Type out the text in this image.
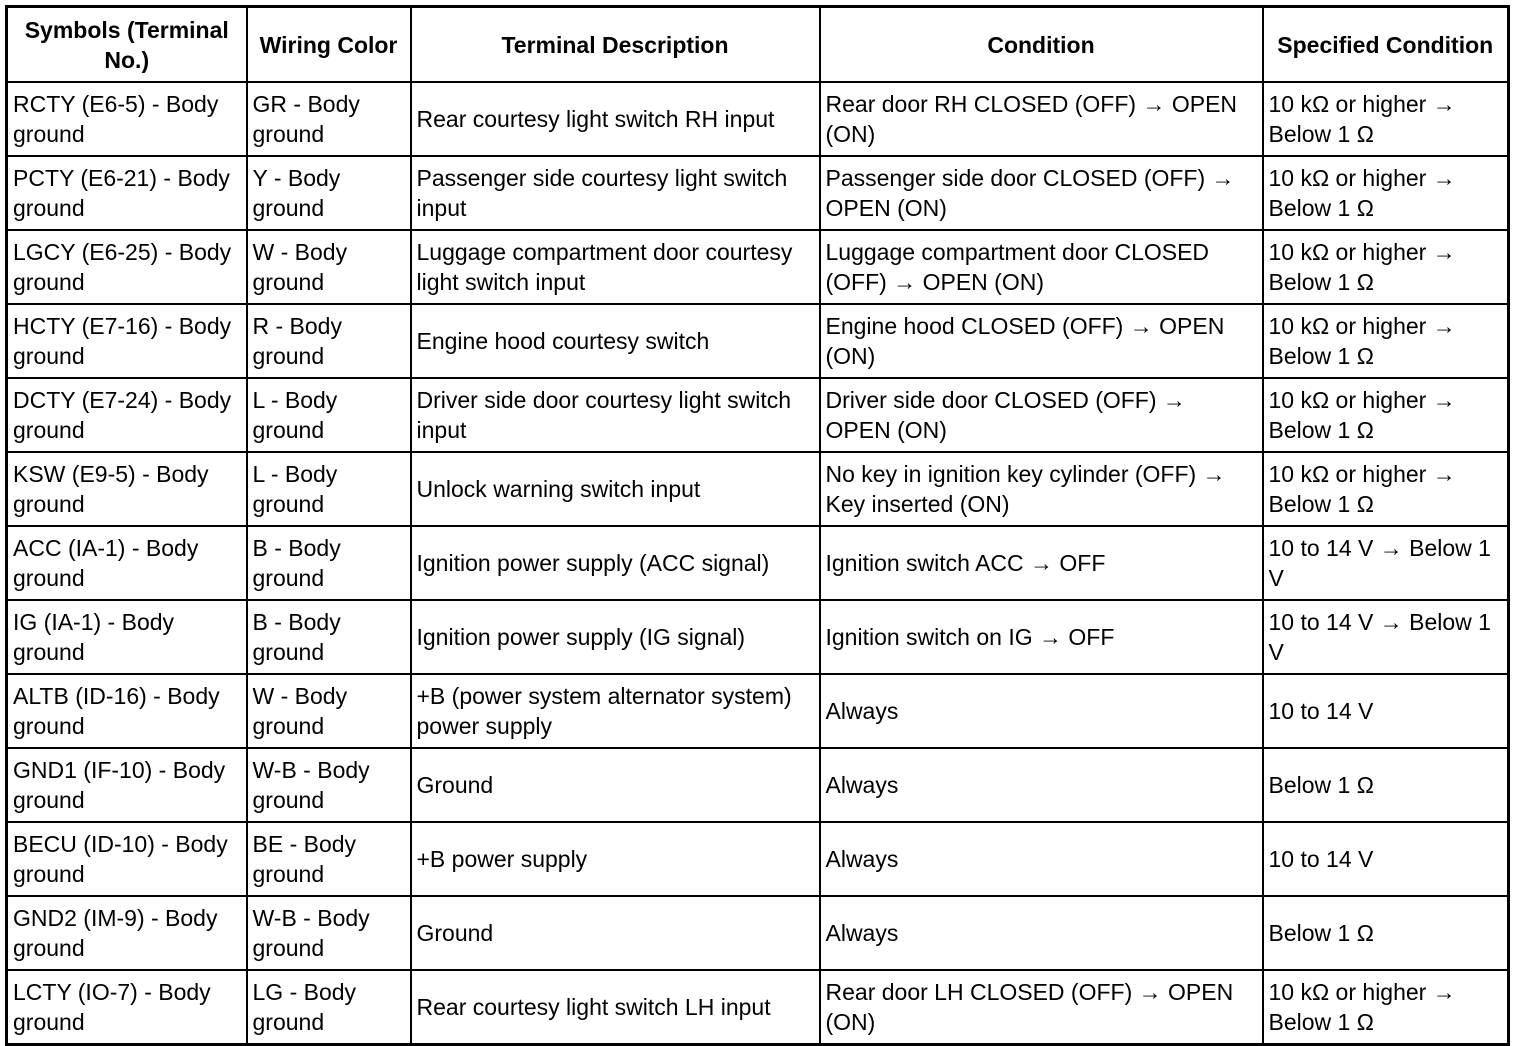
Symbols (Terminal No.)	Wiring Color	Terminal Description	Condition	Specified Condition
RCTY (E6-5) - Body ground	GR - Body ground	Rear courtesy light switch RH input	Rear door RH CLOSED (OFF) → OPEN (ON)	10 kΩ or higher → Below 1 Ω
PCTY (E6-21) - Body ground	Y - Body ground	Passenger side courtesy light switch input	Passenger side door CLOSED (OFF) → OPEN (ON)	10 kΩ or higher → Below 1 Ω
LGCY (E6-25) - Body ground	W - Body ground	Luggage compartment door courtesy light switch input	Luggage compartment door CLOSED (OFF) → OPEN (ON)	10 kΩ or higher → Below 1 Ω
HCTY (E7-16) - Body ground	R - Body ground	Engine hood courtesy switch	Engine hood CLOSED (OFF) → OPEN (ON)	10 kΩ or higher → Below 1 Ω
DCTY (E7-24) - Body ground	L - Body ground	Driver side door courtesy light switch input	Driver side door CLOSED (OFF) → OPEN (ON)	10 kΩ or higher → Below 1 Ω
KSW (E9-5) - Body ground	L - Body ground	Unlock warning switch input	No key in ignition key cylinder (OFF) → Key inserted (ON)	10 kΩ or higher → Below 1 Ω
ACC (IA-1) - Body ground	B - Body ground	Ignition power supply (ACC signal)	Ignition switch ACC → OFF	10 to 14 V → Below 1 V
IG (IA-1) - Body ground	B - Body ground	Ignition power supply (IG signal)	Ignition switch on IG → OFF	10 to 14 V → Below 1 V
ALTB (ID-16) - Body ground	W - Body ground	+B (power system alternator system) power supply	Always	10 to 14 V
GND1 (IF-10) - Body ground	W-B - Body ground	Ground	Always	Below 1 Ω
BECU (ID-10) - Body ground	BE - Body ground	+B power supply	Always	10 to 14 V
GND2 (IM-9) - Body ground	W-B - Body ground	Ground	Always	Below 1 Ω
LCTY (IO-7) - Body ground	LG - Body ground	Rear courtesy light switch LH input	Rear door LH CLOSED (OFF) → OPEN (ON)	10 kΩ or higher → Below 1 Ω
